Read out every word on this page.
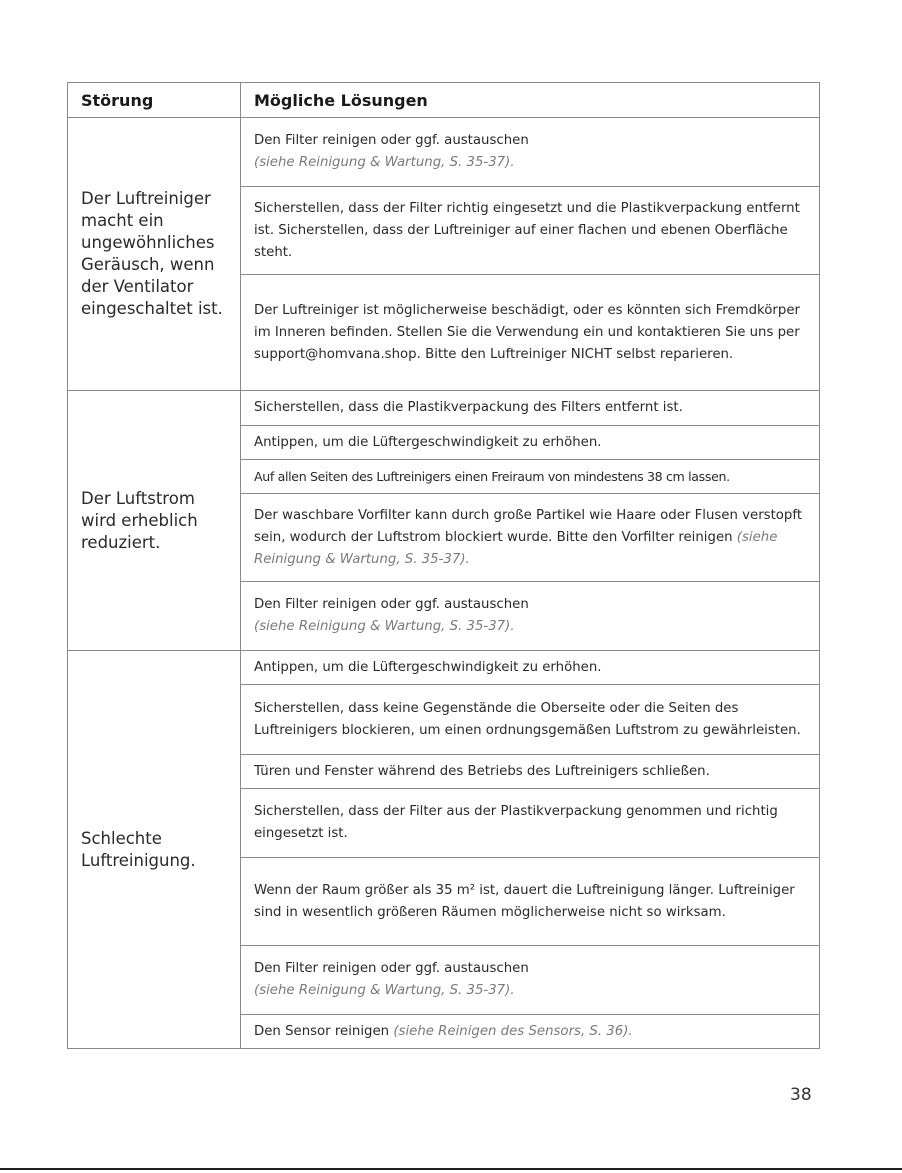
Störung	Mögliche Lösungen
Der Luftreiniger macht ein ungewöhnliches Geräusch, wenn der Ventilator eingeschaltet ist.	Den Filter reinigen oder ggf. austauschen
(siehe Reinigung & Wartung, S. 35-37).
	Sicherstellen, dass der Filter richtig eingesetzt und die Plastikverpackung entfernt ist. Sicherstellen, dass der Luftreiniger auf einer flachen und ebenen Oberfläche steht.
	Der Luftreiniger ist möglicherweise beschädigt, oder es könnten sich Fremdkörper im Inneren befinden. Stellen Sie die Verwendung ein und kontaktieren Sie uns per support@homvana.shop. Bitte den Luftreiniger NICHT selbst reparieren.
Der Luftstrom wird erheblich reduziert.	Sicherstellen, dass die Plastikverpackung des Filters entfernt ist.
	Antippen, um die Lüftergeschwindigkeit zu erhöhen.
	Auf allen Seiten des Luftreinigers einen Freiraum von mindestens 38 cm lassen.
	Der waschbare Vorfilter kann durch große Partikel wie Haare oder Flusen verstopft sein, wodurch der Luftstrom blockiert wurde. Bitte den Vorfilter reinigen (siehe Reinigung & Wartung, S. 35-37).
	Den Filter reinigen oder ggf. austauschen
(siehe Reinigung & Wartung, S. 35-37).
Schlechte Luftreinigung.	Antippen, um die Lüftergeschwindigkeit zu erhöhen.
	Sicherstellen, dass keine Gegenstände die Oberseite oder die Seiten des Luftreinigers blockieren, um einen ordnungsgemäßen Luftstrom zu gewährleisten.
	Türen und Fenster während des Betriebs des Luftreinigers schließen.
	Sicherstellen, dass der Filter aus der Plastikverpackung genommen und richtig eingesetzt ist.
	Wenn der Raum größer als 35 m² ist, dauert die Luftreinigung länger. Luftreiniger sind in wesentlich größeren Räumen möglicherweise nicht so wirksam.
	Den Filter reinigen oder ggf. austauschen
(siehe Reinigung & Wartung, S. 35-37).
	Den Sensor reinigen (siehe Reinigen des Sensors, S. 36).
38
